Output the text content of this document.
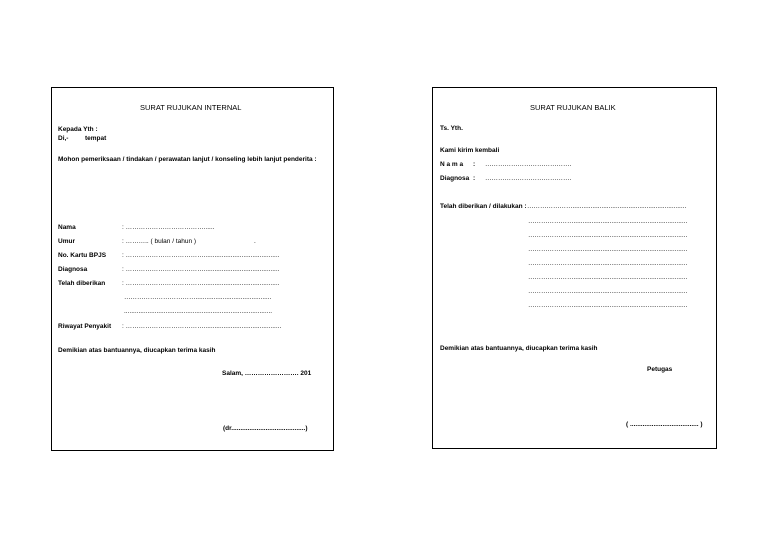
SURAT RUJUKAN INTERNAL
Kepada Yth :
Di,-	tempat
Mohon pemeriksaan / tindakan / perawatan lanjut / konseling lebih lanjut penderita :
Nama	: ………………………………......
Umur	: ……….. ( bulan / tahun )	.
No. Kartu BPJS : ………………………………..........................................
Diagnosa	: ………………………………..........................................
Telah diberikan	: ………………………………..........................................
……………………………..........................................
..................................................................................
Riwayat Penyakit : ………………………………...........................................
Demikian atas bantuannya, diucapkan terima kasih
Salam, ……………………. 201
(dr.........................................)
SURAT RUJUKAN BALIK
Ts. Yth.
Kami kirim kembali
N a m a : ………………………………….
Diagnosa : ………………………………….
Telah diberikan / dilakukan : …………………...............................................................
…………………...............................................................
…………………...............................................................
…………………...............................................................
…………………...............................................................
…………………...............................................................
…………………...............................................................
…………………...............................................................
Demikian atas bantuannya, diucapkan terima kasih
Petugas
( ...................................... )
